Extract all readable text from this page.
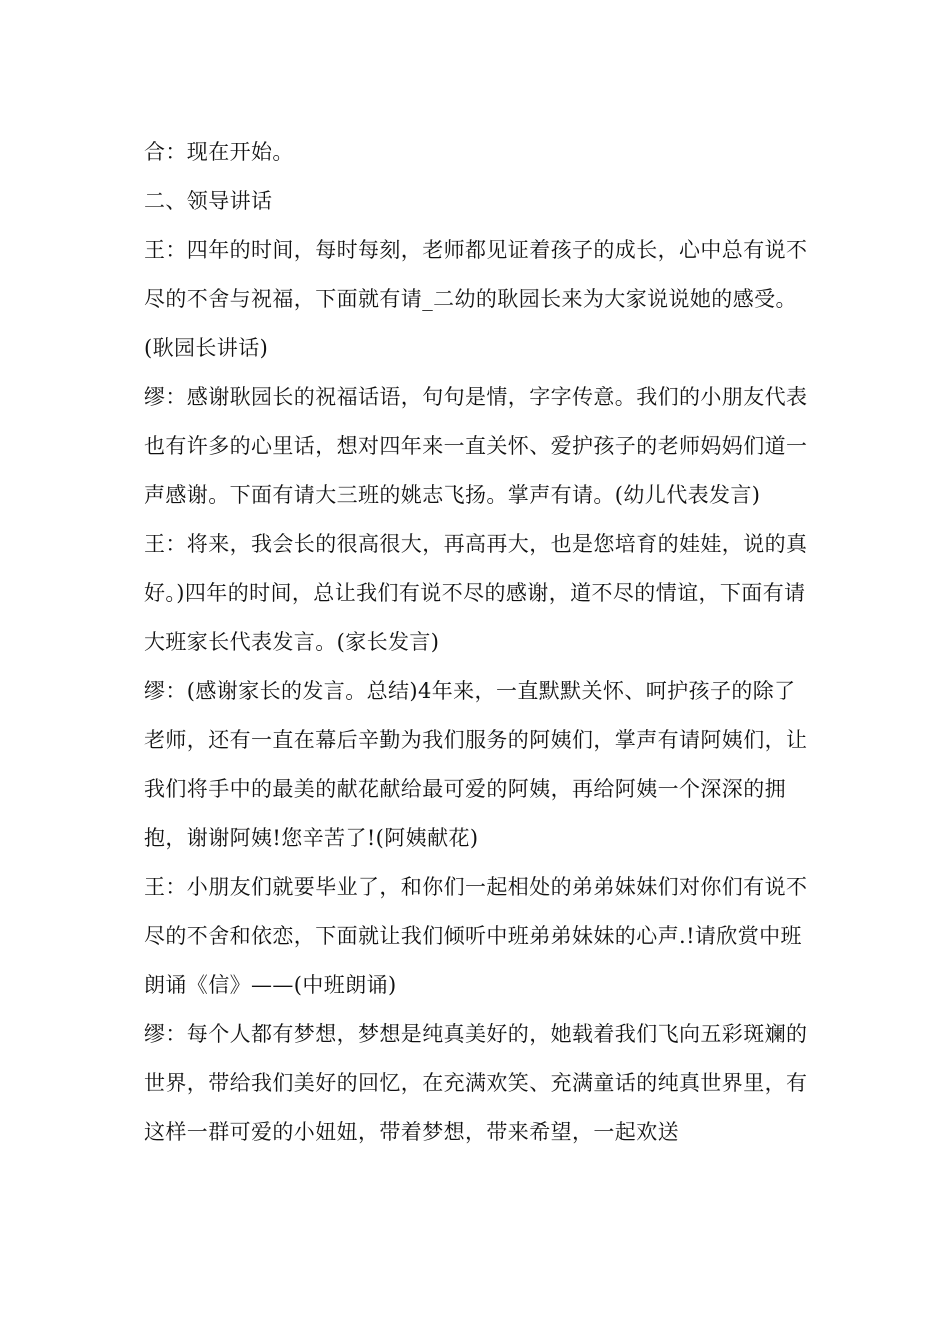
合：现在开始。

二、领导讲话

王：四年的时间，每时每刻，老师都见证着孩子的成长，心中总有说不尽的不舍与祝福，下面就有请_二幼的耿园长来为大家说说她的感受。 (耿园长讲话)

缪：感谢耿园长的祝福话语，句句是情，字字传意。我们的小朋友代表也有许多的心里话，想对四年来一直关怀、爱护孩子的老师妈妈们道一声感谢。下面有请大三班的姚志飞扬。掌声有请。(幼儿代表发言)

王：将来，我会长的很高很大，再高再大，也是您培育的娃娃，说的真好。)四年的时间，总让我们有说不尽的感谢，道不尽的情谊，下面有请大班家长代表发言。(家长发言)

缪：(感谢家长的发言。总结)4年来，一直默默关怀、呵护孩子的除了老师，还有一直在幕后辛勤为我们服务的阿姨们，掌声有请阿姨们，让我们将手中的最美的献花献给最可爱的阿姨，再给阿姨一个深深的拥抱，谢谢阿姨!您辛苦了!(阿姨献花)

王：小朋友们就要毕业了，和你们一起相处的弟弟妹妹们对你们有说不尽的不舍和依恋，下面就让我们倾听中班弟弟妹妹的心声.!请欣赏中班朗诵《信》——(中班朗诵)

缪：每个人都有梦想，梦想是纯真美好的，她载着我们飞向五彩斑斓的世界，带给我们美好的回忆，在充满欢笑、充满童话的纯真世界里，有这样一群可爱的小妞妞，带着梦想，带来希望，一起欢送
